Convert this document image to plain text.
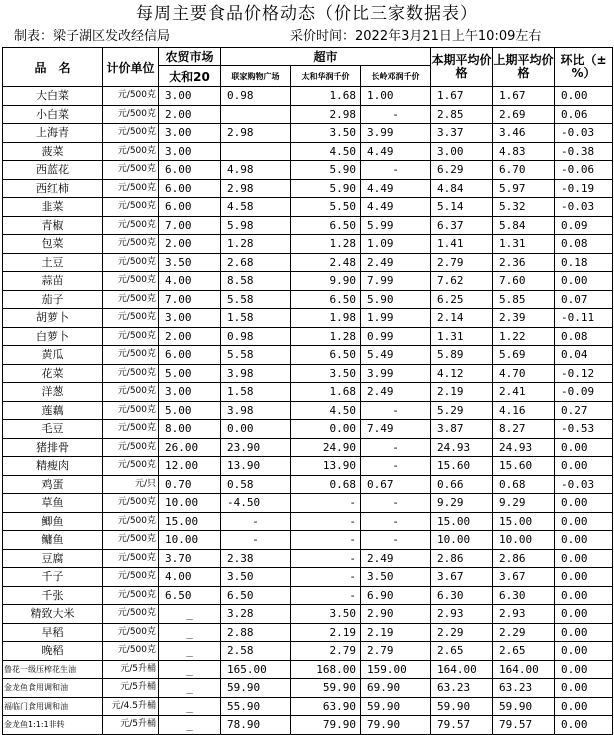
每周主要食品价格动态（价比三家数据表）
制表：梁子湖区发改经信局	采价时间：2022年3月21日上午10:09左右
品　名	计价单位	农贸市场	超市			本期平均价格	上期平均价格	环比（±%）
		太和20	联家购物广场	太和华润千价	长岭邓润千价			
大白菜	元/500克	3.00	0.98	1.68	1.00	1.67	1.67	0.00
小白菜	元/500克	2.00		2.98	-	2.85	2.69	0.06
上海青	元/500克	3.00	2.98	3.50	3.99	3.37	3.46	-0.03
菠菜	元/500克	3.00		4.50	4.49	3.00	4.83	-0.38
西蓝花	元/500克	6.00	4.98	5.90	-	6.29	6.70	-0.06
西红柿	元/500克	6.00	2.98	5.90	4.49	4.84	5.97	-0.19
韭菜	元/500克	6.00	4.58	5.50	4.49	5.14	5.32	-0.03
青椒	元/500克	7.00	5.98	6.50	5.99	6.37	5.84	0.09
包菜	元/500克	2.00	1.28	1.28	1.09	1.41	1.31	0.08
土豆	元/500克	3.50	2.68	2.48	2.49	2.79	2.36	0.18
蒜苗	元/500克	4.00	8.58	9.90	7.99	7.62	7.60	0.00
茄子	元/500克	7.00	5.58	6.50	5.90	6.25	5.85	0.07
胡萝卜	元/500克	3.00	1.58	1.98	1.99	2.14	2.39	-0.11
白萝卜	元/500克	2.00	0.98	1.28	0.99	1.31	1.22	0.08
黄瓜	元/500克	6.00	5.58	6.50	5.49	5.89	5.69	0.04
花菜	元/500克	5.00	3.98	3.50	3.99	4.12	4.70	-0.12
洋葱	元/500克	3.00	1.58	1.68	2.49	2.19	2.41	-0.09
莲藕	元/500克	5.00	3.98	4.50	-	5.29	4.16	0.27
毛豆	元/500克	8.00	0.00	0.00	7.49	3.87	8.27	-0.53
猪排骨	元/500克	26.00	23.90	24.90	-	24.93	24.93	0.00
精瘦肉	元/500克	12.00	13.90	13.90	-	15.60	15.60	0.00
鸡蛋	元/只	0.70	0.58	0.68	0.67	0.66	0.68	-0.03
草鱼	元/500克	10.00	-4.50	-	-	9.29	9.29	0.00
鲫鱼	元/500克	15.00	-	-	-	15.00	15.00	0.00
鳙鱼	元/500克	10.00	-	-	-	10.00	10.00	0.00
豆腐	元/500克	3.70	2.38	-	2.49	2.86	2.86	0.00
千子	元/500克	4.00	3.50	-	3.50	3.67	3.67	0.00
千张	元/500克	6.50	6.50	-	6.90	6.30	6.30	0.00
精致大米	元/500克	_	3.28	3.50	2.90	2.93	2.93	0.00
早稻	元/500克	_	2.88	2.19	2.19	2.29	2.29	0.00
晚稻	元/500克	_	2.58	2.79	2.79	2.65	2.65	0.00
鲁花一级压榨花生油	元/5升桶	_	165.00	168.00	159.00	164.00	164.00	0.00
金龙鱼食用调和油	元/5升桶	_	59.90	59.90	69.90	63.23	63.23	0.00
福临门食用调和油	元/4.5升桶	_	55.90	63.90	59.90	59.90	59.90	0.00
金龙鱼1:1:1非转	元/5升桶	_	78.90	79.90	79.90	79.57	79.57	0.00
